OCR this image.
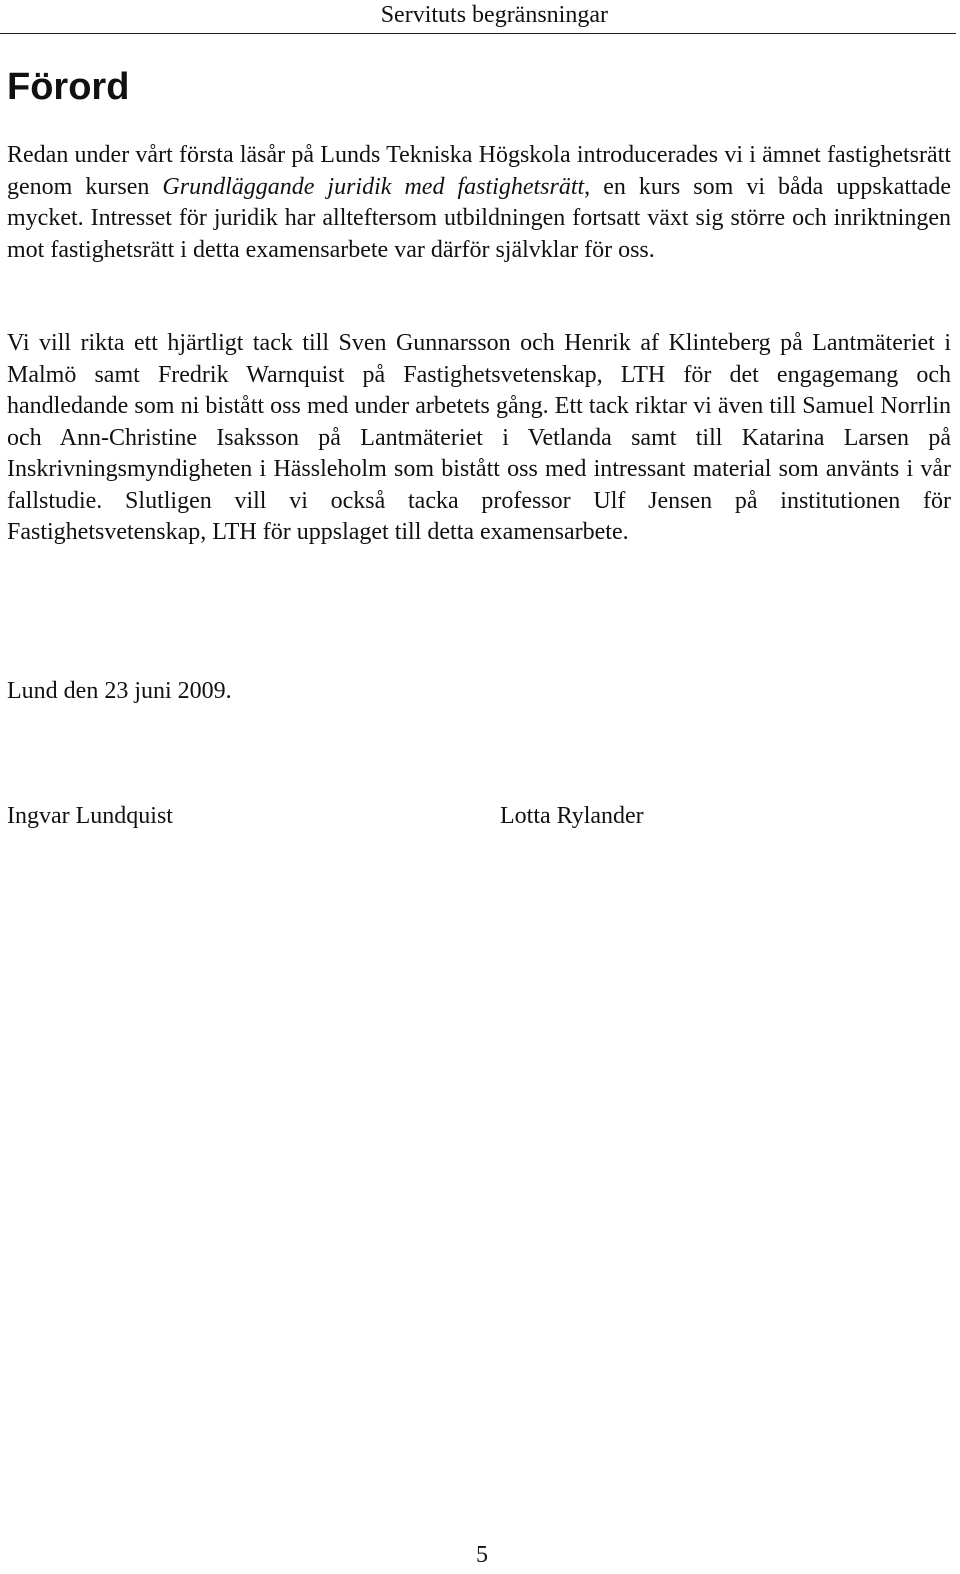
Servituts begränsningar
Förord

Redan under vårt första läsår på Lunds Tekniska Högskola introducerades vi i ämnet fastighetsrätt genom kursen Grundläggande juridik med fastighetsrätt, en kurs som vi båda uppskattade mycket. Intresset för juridik har allteftersom utbildningen fortsatt växt sig större och inriktningen mot fastighetsrätt i detta examensarbete var därför självklar för oss.

Vi vill rikta ett hjärtligt tack till Sven Gunnarsson och Henrik af Klinteberg på Lantmäteriet i Malmö samt Fredrik Warnquist på Fastighetsvetenskap, LTH för det engagemang och handledande som ni bistått oss med under arbetets gång. Ett tack riktar vi även till Samuel Norrlin och Ann-Christine Isaksson på Lantmäteriet i Vetlanda samt till Katarina Larsen på Inskrivningsmyndigheten i Hässleholm som bistått oss med intressant material som använts i vår fallstudie. Slutligen vill vi också tacka professor Ulf Jensen på institutionen för Fastighetsvetenskap, LTH för uppslaget till detta examensarbete.

Lund den 23 juni 2009.

Ingvar Lundquist	Lotta Rylander

5
